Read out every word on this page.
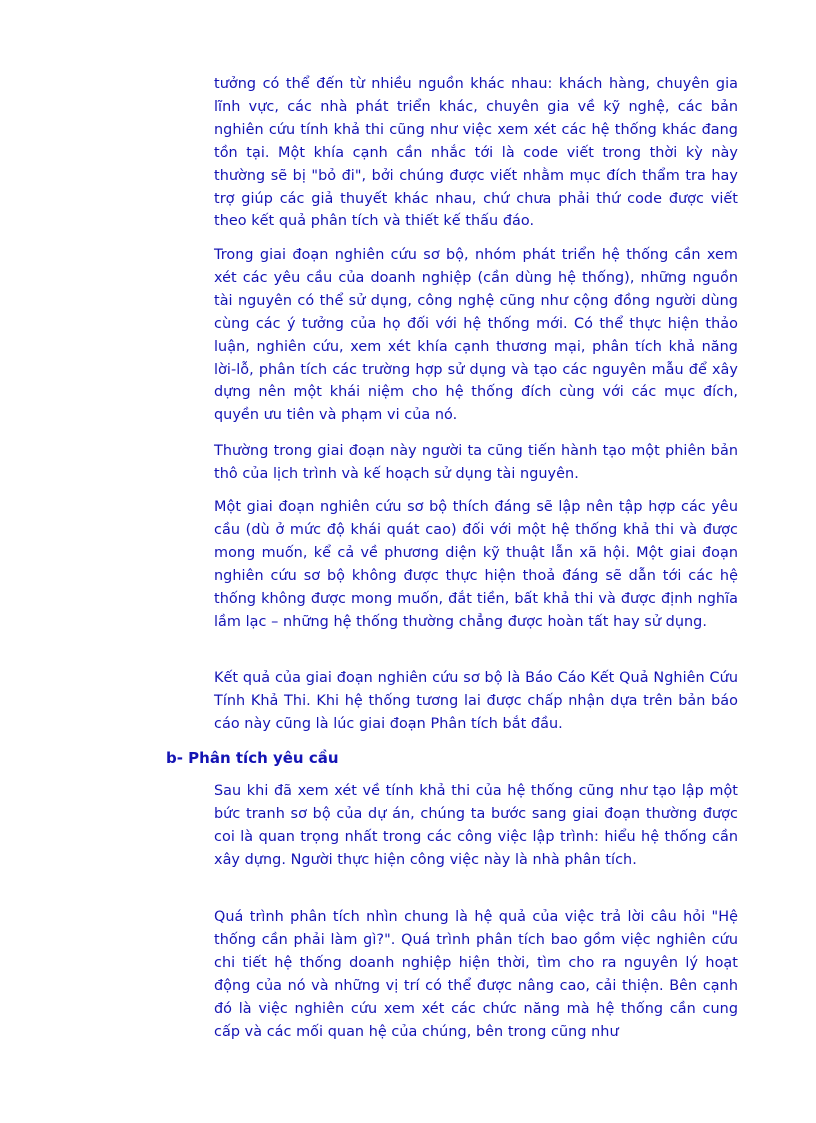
tưởng có thể đến từ nhiều nguồn khác nhau: khách hàng, chuyên gia lĩnh vực, các nhà phát triển khác, chuyên gia về kỹ nghệ, các bản nghiên cứu tính khả thi cũng như việc xem xét các hệ thống khác đang tồn tại. Một khía cạnh cần nhắc tới là code viết trong thời kỳ này thường sẽ bị "bỏ đi", bởi chúng được viết nhằm mục đích thẩm tra hay trợ giúp các giả thuyết khác nhau, chứ chưa phải thứ code được viết theo kết quả phân tích và thiết kế thấu đáo.

Trong giai đoạn nghiên cứu sơ bộ, nhóm phát triển hệ thống cần xem xét các yêu cầu của doanh nghiệp (cần dùng hệ thống), những nguồn tài nguyên có thể sử dụng, công nghệ cũng như cộng đồng người dùng cùng các ý tưởng của họ đối với hệ thống mới. Có thể thực hiện thảo luận, nghiên cứu, xem xét khía cạnh thương mại, phân tích khả năng lời-lỗ, phân tích các trường hợp sử dụng và tạo các nguyên mẫu để xây dựng nên một khái niệm cho hệ thống đích cùng với các mục đích, quyền ưu tiên và phạm vi của nó.

Thường trong giai đoạn này người ta cũng tiến hành tạo một phiên bản thô của lịch trình và kế hoạch sử dụng tài nguyên.

Một giai đoạn nghiên cứu sơ bộ thích đáng sẽ lập nên tập hợp các yêu cầu (dù ở mức độ khái quát cao) đối với một hệ thống khả thi và được mong muốn, kể cả về phương diện kỹ thuật lẫn xã hội. Một giai đoạn nghiên cứu sơ bộ không được thực hiện thoả đáng sẽ dẫn tới các hệ thống không được mong muốn, đắt tiền, bất khả thi và được định nghĩa lầm lạc – những hệ thống thường chẳng được hoàn tất hay sử dụng.

Kết quả của giai đoạn nghiên cứu sơ bộ là Báo Cáo Kết Quả Nghiên Cứu Tính Khả Thi. Khi hệ thống tương lai được chấp nhận dựa trên bản báo cáo này cũng là lúc giai đoạn Phân tích bắt đầu.

b- Phân tích yêu cầu

Sau khi đã xem xét về tính khả thi của hệ thống cũng như tạo lập một bức tranh sơ bộ của dự án, chúng ta bước sang giai đoạn thường được coi là quan trọng nhất trong các công việc lập trình: hiểu hệ thống cần xây dựng. Người thực hiện công việc này là nhà phân tích.

Quá trình phân tích nhìn chung là hệ quả của việc trả lời câu hỏi "Hệ thống cần phải làm gì?". Quá trình phân tích bao gồm việc nghiên cứu chi tiết hệ thống doanh nghiệp hiện thời, tìm cho ra nguyên lý hoạt động của nó và những vị trí có thể được nâng cao, cải thiện. Bên cạnh đó là việc nghiên cứu xem xét các chức năng mà hệ thống cần cung cấp và các mối quan hệ của chúng, bên trong cũng như
